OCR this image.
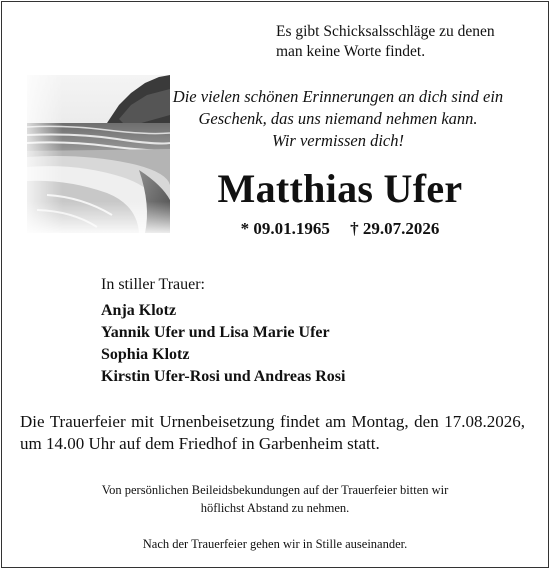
Es gibt Schicksalsschläge zu denen
man keine Worte findet.
Die vielen schönen Erinnerungen an dich sind ein
Geschenk, das uns niemand nehmen kann.
Wir vermissen dich!
Matthias Ufer
* 09.01.1965 † 29.07.2026
In stiller Trauer:
Anja Klotz
Yannik Ufer und Lisa Marie Ufer
Sophia Klotz
Kirstin Ufer-Rosi und Andreas Rosi
Die Trauerfeier mit Urnenbeisetzung findet am Montag, den 17.08.2026, um 14.00 Uhr auf dem Friedhof in Garbenheim statt.
Von persönlichen Beileidsbekundungen auf der Trauerfeier bitten wir
höflichst Abstand zu nehmen.
Nach der Trauerfeier gehen wir in Stille auseinander.
